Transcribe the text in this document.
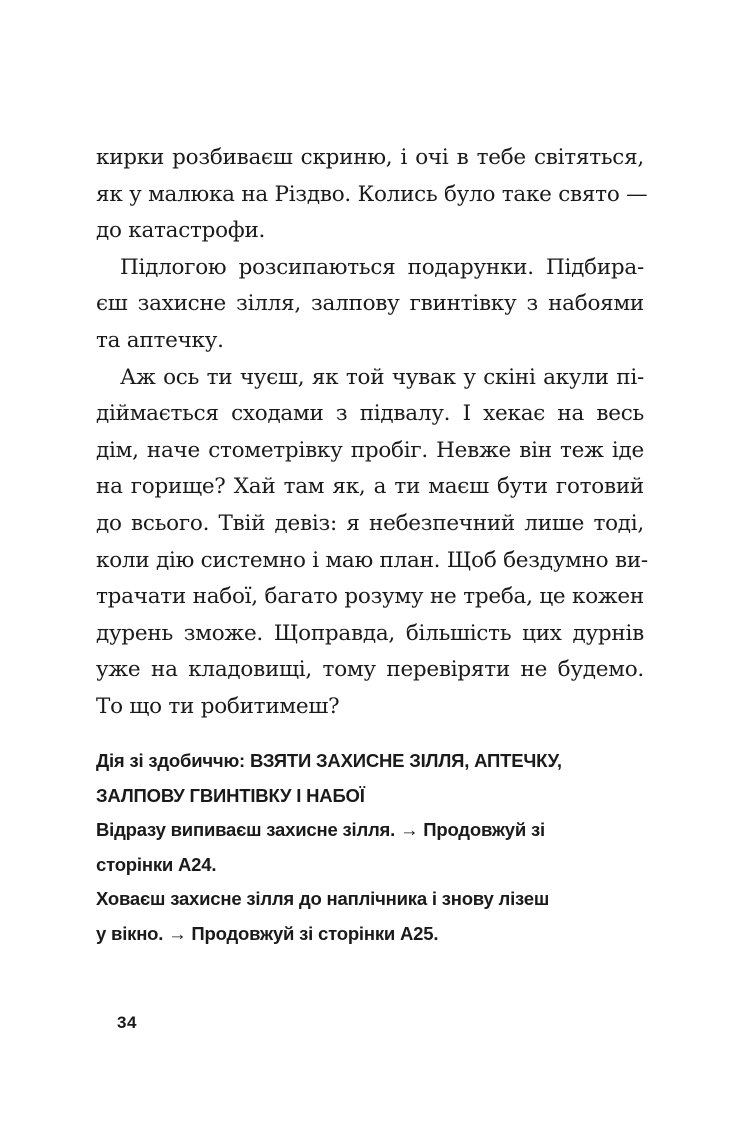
кирки розбиваєш скриню, і очі в тебе світяться,
як у малюка на Різдво. Колись було таке свято —
до катастрофи.

Підлогою розсипаються подарунки. Підбира-
єш захисне зілля, залпову гвинтівку з набоями
та аптечку.

Аж ось ти чуєш, як той чувак у скіні акули пі-
діймається сходами з підвалу. І хекає на весь
дім, наче стометрівку пробіг. Невже він теж іде
на горище? Хай там як, а ти маєш бути готовий
до всього. Твій девіз: я небезпечний лише тоді,
коли дію системно і маю план. Щоб бездумно ви-
трачати набої, багато розуму не треба, це кожен
дурень зможе. Щоправда, більшість цих дурнів
уже на кладовищі, тому перевіряти не будемо.
То що ти робитимеш?

Дія зі здобиччю: ВЗЯТИ ЗАХИСНЕ ЗІЛЛЯ, АПТЕЧКУ,
ЗАЛПОВУ ГВИНТІВКУ І НАБОЇ
Відразу випиваєш захисне зілля. → Продовжуй зі
сторінки А24.
Ховаєш захисне зілля до наплічника і знову лізеш
у вікно. → Продовжуй зі сторінки А25.
34
